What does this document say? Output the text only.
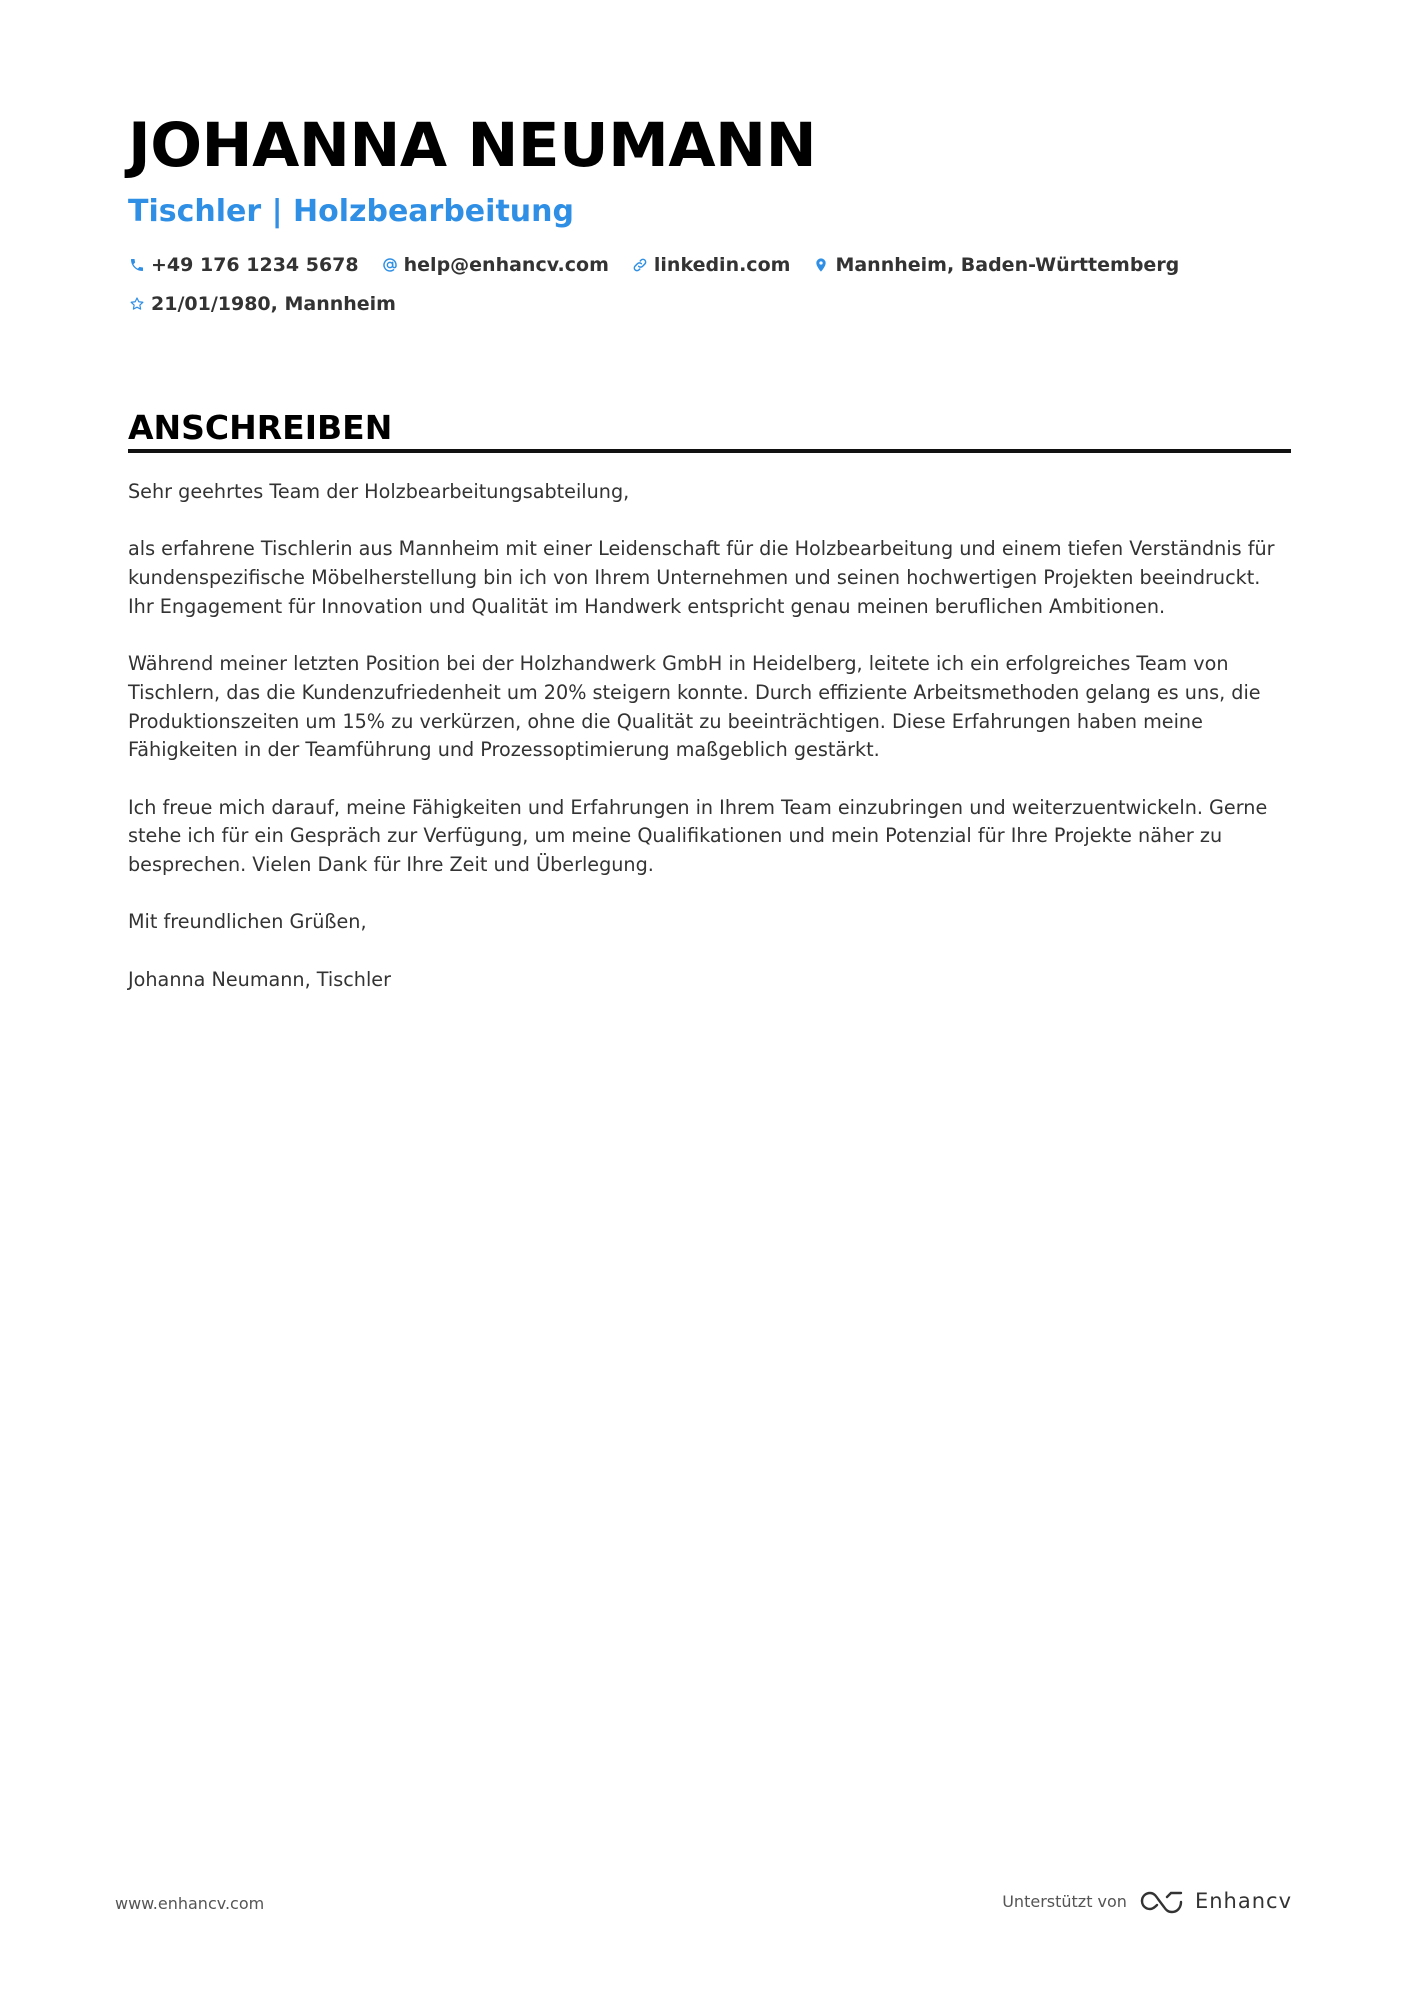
JOHANNA NEUMANN
Tischler | Holzbearbeitung
+49 176 1234 5678 help@enhancv.com linkedin.com Mannheim, Baden-Württemberg
21/01/1980, Mannheim
ANSCHREIBEN

Sehr geehrtes Team der Holzbearbeitungsabteilung,

als erfahrene Tischlerin aus Mannheim mit einer Leidenschaft für die Holzbearbeitung und einem tiefen Verständnis für kundenspezifische Möbelherstellung bin ich von Ihrem Unternehmen und seinen hochwertigen Projekten beeindruckt. Ihr Engagement für Innovation und Qualität im Handwerk entspricht genau meinen beruflichen Ambitionen.

Während meiner letzten Position bei der Holzhandwerk GmbH in Heidelberg, leitete ich ein erfolgreiches Team von Tischlern, das die Kundenzufriedenheit um 20% steigern konnte. Durch effiziente Arbeitsmethoden gelang es uns, die Produktionszeiten um 15% zu verkürzen, ohne die Qualität zu beeinträchtigen. Diese Erfahrungen haben meine Fähigkeiten in der Teamführung und Prozessoptimierung maßgeblich gestärkt.

Ich freue mich darauf, meine Fähigkeiten und Erfahrungen in Ihrem Team einzubringen und weiterzuentwickeln. Gerne stehe ich für ein Gespräch zur Verfügung, um meine Qualifikationen und mein Potenzial für Ihre Projekte näher zu besprechen. Vielen Dank für Ihre Zeit und Überlegung.

Mit freundlichen Grüßen,

Johanna Neumann, Tischler

www.enhancv.com	Unterstützt von	Enhancv
